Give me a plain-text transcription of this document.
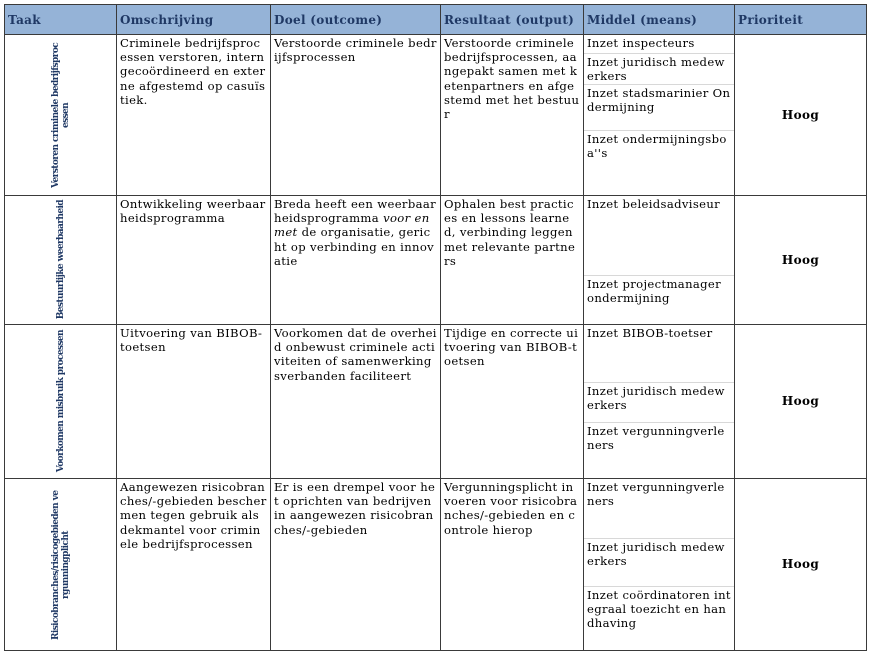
Taak	Omschrijving	Doel (outcome)	Resultaat (output)	Middel (means)	Prioriteit

Verstoren criminele bedrijfsprocessen	Criminele bedrijfsprocessen verstoren, intern gecoördineerd en externe afgestemd op casuïstiek.	Verstoorde criminele bedrijfsprocessen	Verstoorde criminele bedrijfsprocessen, aangepakt samen met ketenpartners en afgestemd met het bestuur	Inzet inspecteurs
Inzet juridisch medewerkers
Inzet stadsmarinier Ondermijning
Inzet ondermijningsboa''s	Hoog

Bestuurlijke weerbaarheid	Ontwikkeling weerbaarheidsprogramma	Breda heeft een weerbaarheidsprogramma voor en met de organisatie, gericht op verbinding en innovatie	Ophalen best practices en lessons learned, verbinding leggen met relevante partners	Inzet beleidsadviseur
Inzet projectmanager ondermijning	Hoog

Voorkomen misbruik processen	Uitvoering van BIBOB-toetsen	Voorkomen dat de overheid onbewust criminele activiteiten of samenwerkingsverbanden faciliteert	Tijdige en correcte uitvoering van BIBOB-toetsen	Inzet BIBOB-toetser
Inzet juridisch medewerkers
Inzet vergunningverleners	Hoog

Risicobranches/risicogebieden vergunningplicht	Aangewezen risicobranches/-gebieden beschermen tegen gebruik als dekmantel voor criminele bedrijfsprocessen	Er is een drempel voor het oprichten van bedrijven in aangewezen risicobranches/-gebieden	Vergunningsplicht invoeren voor risicobranches/-gebieden en controle hierop	Inzet vergunningverleners
Inzet juridisch medewerkers
Inzet coördinatoren integraal toezicht en handhaving	Hoog
